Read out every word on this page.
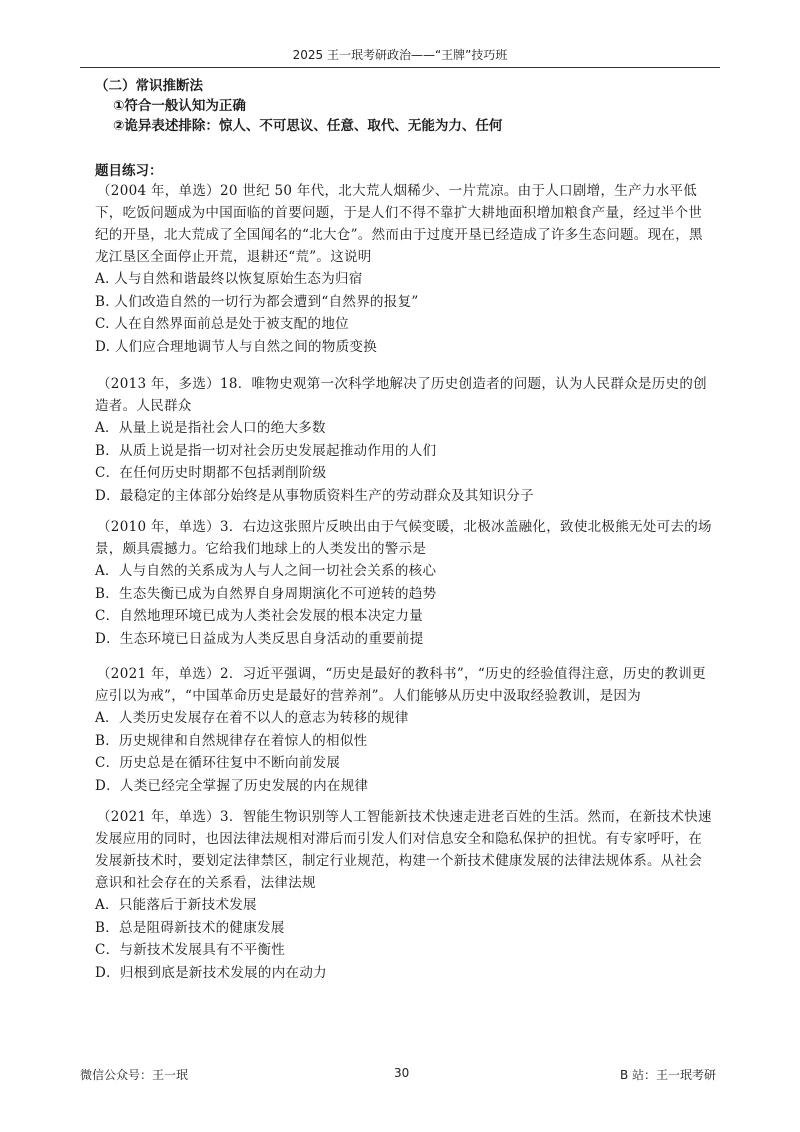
2025 王一珉考研政治——“王牌”技巧班
（二）常识推断法
①符合一般认知为正确
②诡异表述排除：惊人、不可思议、任意、取代、无能为力、任何
题目练习：
（2004 年，单选）20 世纪 50 年代，北大荒人烟稀少、一片荒凉。由于人口剧增，生产力水平低下，吃饭问题成为中国面临的首要问题，于是人们不得不靠扩大耕地面积增加粮食产量，经过半个世纪的开垦，北大荒成了全国闻名的“北大仓”。然而由于过度开垦已经造成了许多生态问题。现在，黑龙江垦区全面停止开荒，退耕还“荒”。这说明
A. 人与自然和谐最终以恢复原始生态为归宿
B. 人们改造自然的一切行为都会遭到“自然界的报复”
C. 人在自然界面前总是处于被支配的地位
D. 人们应合理地调节人与自然之间的物质变换
（2013 年，多选）18．唯物史观第一次科学地解决了历史创造者的问题，认为人民群众是历史的创造者。人民群众
A．从量上说是指社会人口的绝大多数
B．从质上说是指一切对社会历史发展起推动作用的人们
C．在任何历史时期都不包括剥削阶级
D．最稳定的主体部分始终是从事物质资料生产的劳动群众及其知识分子
（2010 年，单选）3．右边这张照片反映出由于气候变暖，北极冰盖融化，致使北极熊无处可去的场景，颇具震撼力。它给我们地球上的人类发出的警示是
A．人与自然的关系成为人与人之间一切社会关系的核心
B．生态失衡已成为自然界自身周期演化不可逆转的趋势
C．自然地理环境已成为人类社会发展的根本决定力量
D．生态环境已日益成为人类反思自身活动的重要前提
（2021 年，单选）2．习近平强调，“历史是最好的教科书”，“历史的经验值得注意，历史的教训更应引以为戒”，“中国革命历史是最好的营养剂”。人们能够从历史中汲取经验教训，是因为
A．人类历史发展存在着不以人的意志为转移的规律
B．历史规律和自然规律存在着惊人的相似性
C．历史总是在循环往复中不断向前发展
D．人类已经完全掌握了历史发展的内在规律
（2021 年，单选）3．智能生物识别等人工智能新技术快速走进老百姓的生活。然而，在新技术快速发展应用的同时，也因法律法规相对滞后而引发人们对信息安全和隐私保护的担忧。有专家呼吁，在发展新技术时，要划定法律禁区，制定行业规范，构建一个新技术健康发展的法律法规体系。从社会意识和社会存在的关系看，法律法规
A．只能落后于新技术发展
B．总是阻碍新技术的健康发展
C．与新技术发展具有不平衡性
D．归根到底是新技术发展的内在动力
微信公众号：王一珉	30	B 站：王一珉考研
